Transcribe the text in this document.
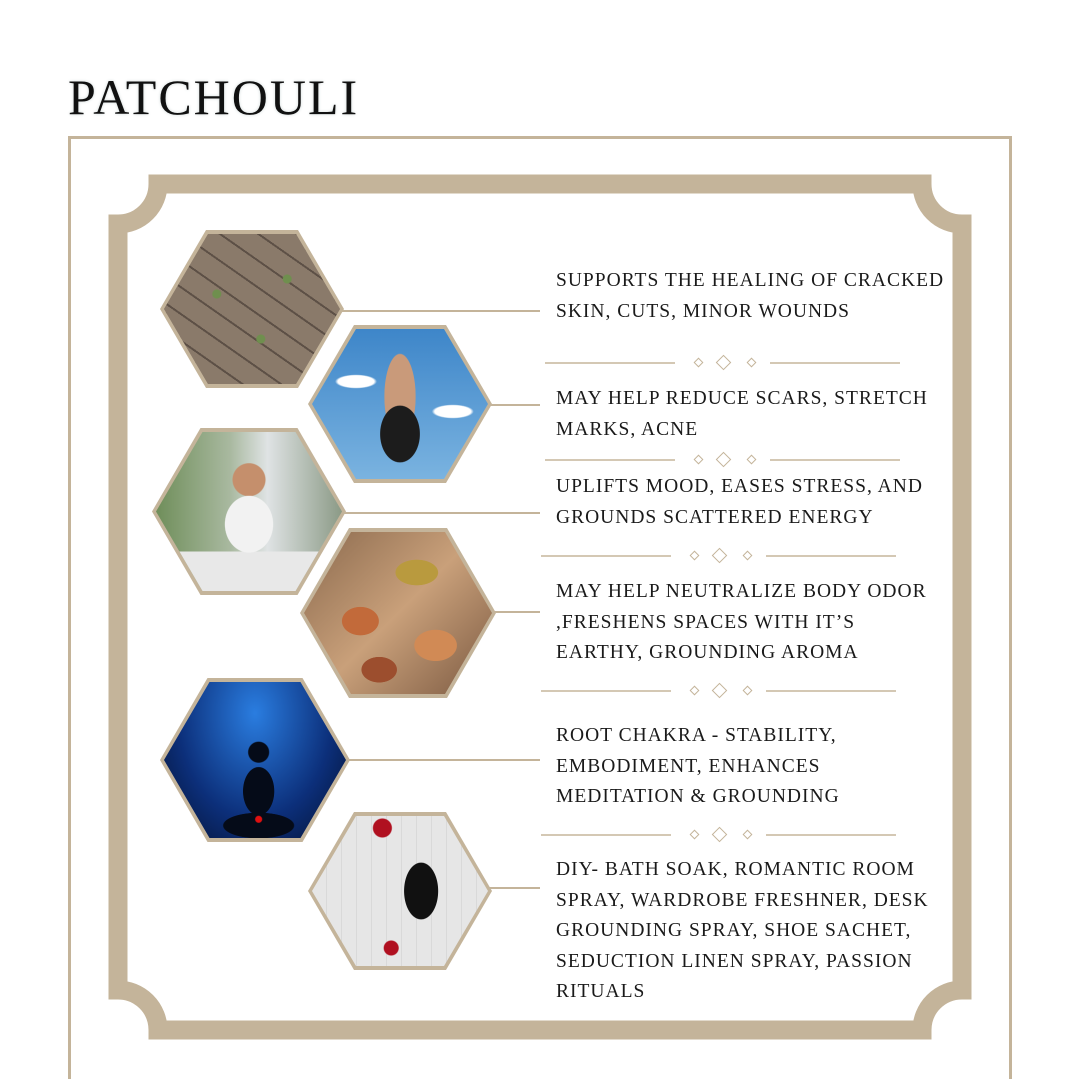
PATCHOULI
SUPPORTS THE HEALING OF CRACKED SKIN, CUTS, MINOR WOUNDS
MAY HELP REDUCE SCARS, STRETCH MARKS, ACNE
UPLIFTS MOOD, EASES STRESS, AND GROUNDS SCATTERED ENERGY
MAY HELP NEUTRALIZE BODY ODOR ,FRESHENS SPACES WITH IT’S EARTHY, GROUNDING AROMA
ROOT CHAKRA - STABILITY, EMBODIMENT, ENHANCES MEDITATION & GROUNDING
DIY- BATH SOAK, ROMANTIC ROOM SPRAY, WARDROBE FRESHNER, DESK GROUNDING SPRAY, SHOE SACHET, SEDUCTION LINEN SPRAY, PASSION RITUALS
